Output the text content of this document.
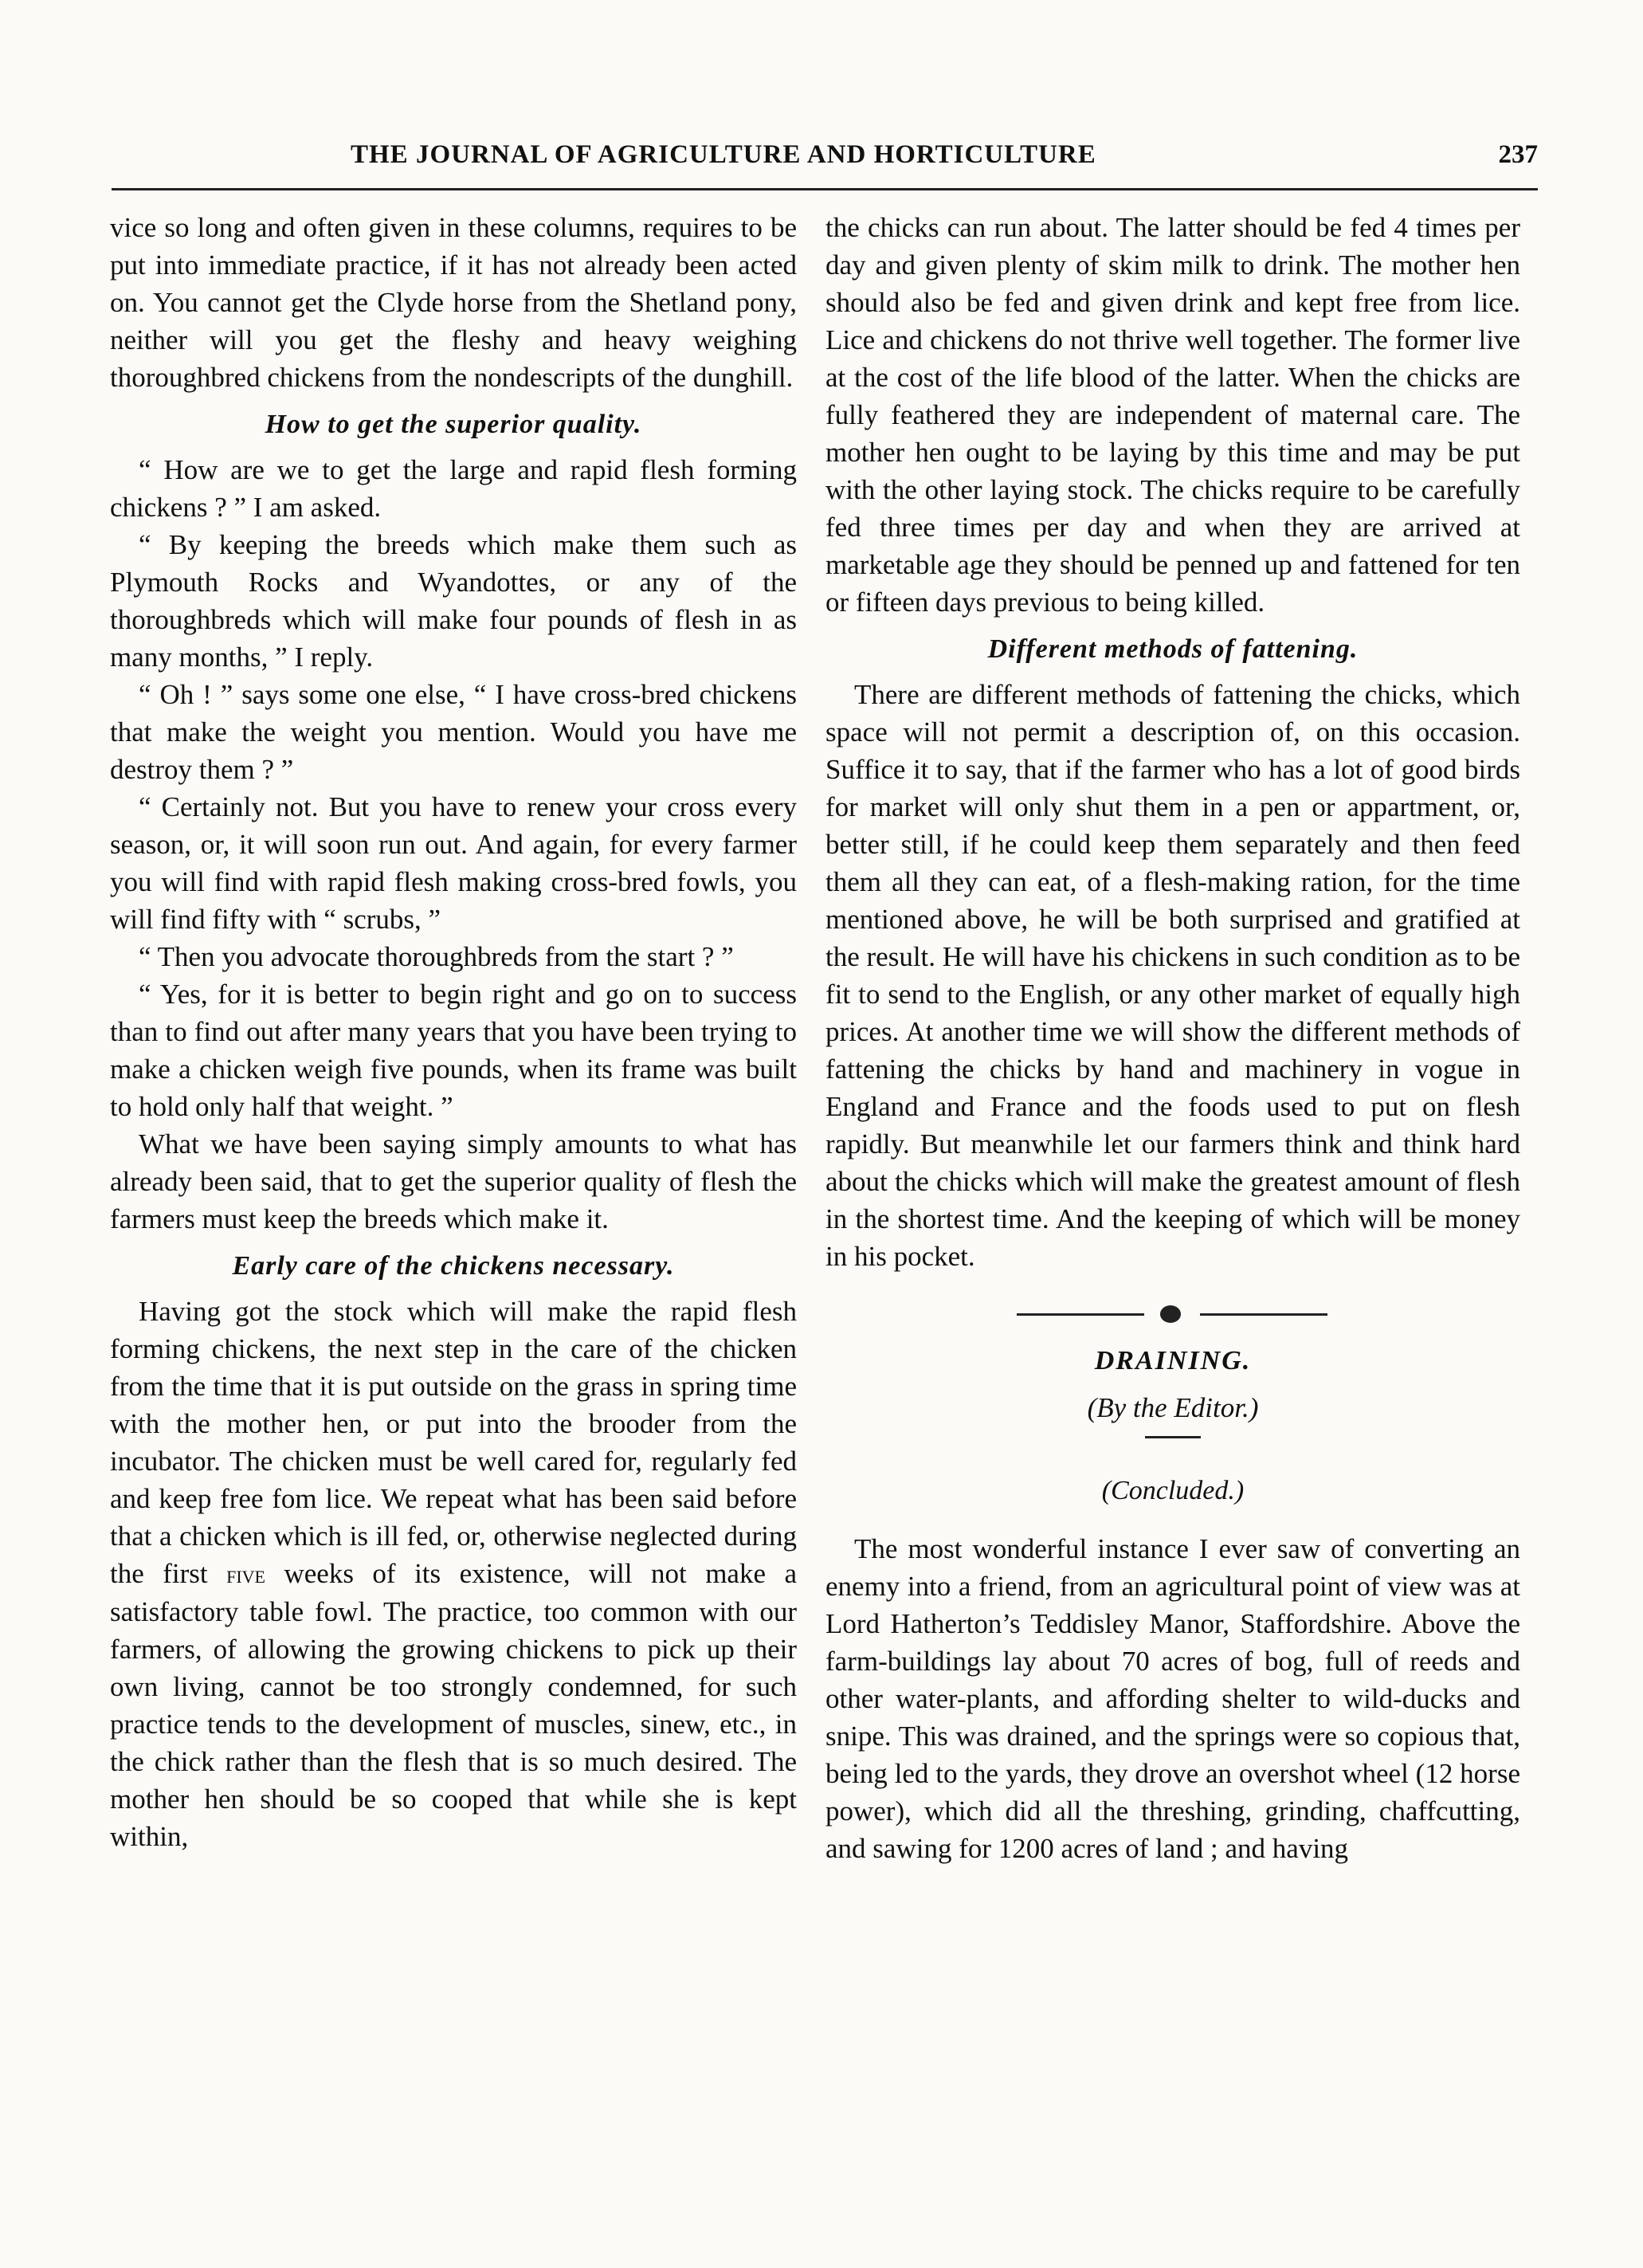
THE JOURNAL OF AGRICULTURE AND HORTICULTURE	237

vice so long and often given in these columns, requires to be put into immediate practice, if it has not already been acted on. You cannot get the Clyde horse from the Shetland pony, neither will you get the fleshy and heavy weighing thoroughbred chickens from the nondescripts of the dunghill.

How to get the superior quality.

“ How are we to get the large and rapid flesh forming chickens ? ” I am asked.

“ By keeping the breeds which make them such as Plymouth Rocks and Wyandottes, or any of the thoroughbreds which will make four pounds of flesh in as many months, ” I reply.

“ Oh ! ” says some one else, “ I have cross-bred chickens that make the weight you mention. Would you have me destroy them ? ”

“ Certainly not. But you have to renew your cross every season, or, it will soon run out. And again, for every farmer you will find with rapid flesh making cross-bred fowls, you will find fifty with “ scrubs, ”

“ Then you advocate thoroughbreds from the start ? ”

“ Yes, for it is better to begin right and go on to success than to find out after many years that you have been trying to make a chicken weigh five pounds, when its frame was built to hold only half that weight. ”

What we have been saying simply amounts to what has already been said, that to get the superior quality of flesh the farmers must keep the breeds which make it.

Early care of the chickens necessary.

Having got the stock which will make the rapid flesh forming chickens, the next step in the care of the chicken from the time that it is put outside on the grass in spring time with the mother hen, or put into the brooder from the incubator. The chicken must be well cared for, regularly fed and keep free fom lice. We repeat what has been said before that a chicken which is ill fed, or, otherwise neglected during the first five weeks of its existence, will not make a satisfactory table fowl. The practice, too common with our farmers, of allowing the growing chickens to pick up their own living, cannot be too strongly condemned, for such practice tends to the development of muscles, sinew, etc., in the chick rather than the flesh that is so much desired. The mother hen should be so cooped that while she is kept within,

the chicks can run about. The latter should be fed 4 times per day and given plenty of skim milk to drink. The mother hen should also be fed and given drink and kept free from lice. Lice and chickens do not thrive well together. The former live at the cost of the life blood of the latter. When the chicks are fully feathered they are independent of maternal care. The mother hen ought to be laying by this time and may be put with the other laying stock. The chicks require to be carefully fed three times per day and when they are arrived at marketable age they should be penned up and fattened for ten or fifteen days previous to being killed.

Different methods of fattening.

There are different methods of fattening the chicks, which space will not permit a description of, on this occasion. Suffice it to say, that if the farmer who has a lot of good birds for market will only shut them in a pen or appartment, or, better still, if he could keep them separately and then feed them all they can eat, of a flesh-making ration, for the time mentioned above, he will be both surprised and gratified at the result. He will have his chickens in such condition as to be fit to send to the English, or any other market of equally high prices. At another time we will show the different methods of fattening the chicks by hand and machinery in vogue in England and France and the foods used to put on flesh rapidly. But meanwhile let our farmers think and think hard about the chicks which will make the greatest amount of flesh in the shortest time. And the keeping of which will be money in his pocket.

DRAINING.
(By the Editor.)
(Concluded.)

The most wonderful instance I ever saw of converting an enemy into a friend, from an agricultural point of view was at Lord Hatherton’s Teddisley Manor, Staffordshire. Above the farm-buildings lay about 70 acres of bog, full of reeds and other water-plants, and affording shelter to wild-ducks and snipe. This was drained, and the springs were so copious that, being led to the yards, they drove an overshot wheel (12 horse power), which did all the threshing, grinding, chaffcutting, and sawing for 1200 acres of land ; and having
